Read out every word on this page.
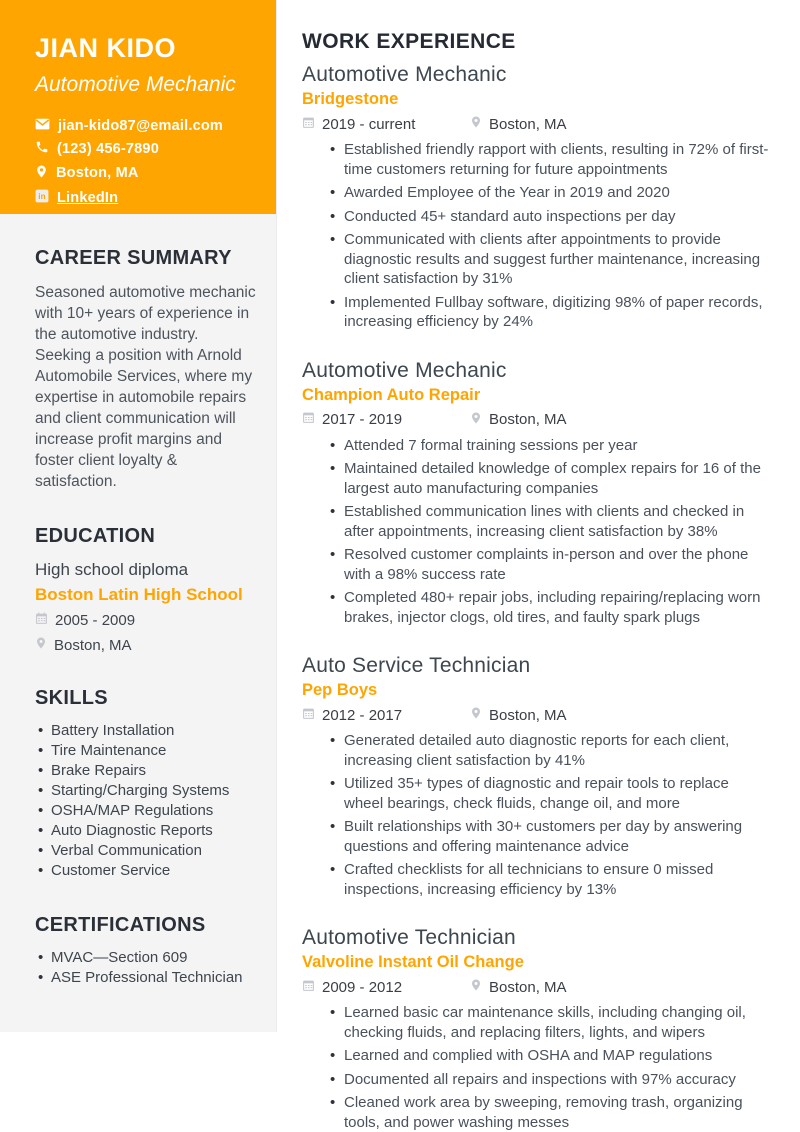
JIAN KIDO
Automotive Mechanic
jian-kido87@email.com
(123) 456-7890
Boston, MA
in LinkedIn
CAREER SUMMARY

Seasoned automotive mechanic with 10+ years of experience in the automotive industry. Seeking a position with Arnold Automobile Services, where my expertise in automobile repairs and client communication will increase profit margins and foster client loyalty & satisfaction.

EDUCATION
High school diploma
Boston Latin High School
2005 - 2009
Boston, MA
SKILLS
• Battery Installation
• Tire Maintenance
• Brake Repairs
• Starting/Charging Systems
• OSHA/MAP Regulations
• Auto Diagnostic Reports
• Verbal Communication
• Customer Service
CERTIFICATIONS
• MVAC—Section 609
• ASE Professional Technician
WORK EXPERIENCE
Automotive Mechanic
Bridgestone
2019 - current	Boston, MA
• Established friendly rapport with clients, resulting in 72% of first-time customers returning for future appointments
• Awarded Employee of the Year in 2019 and 2020
• Conducted 45+ standard auto inspections per day
• Communicated with clients after appointments to provide diagnostic results and suggest further maintenance, increasing client satisfaction by 31%
• Implemented Fullbay software, digitizing 98% of paper records, increasing efficiency by 24%
Automotive Mechanic
Champion Auto Repair
2017 - 2019	Boston, MA
• Attended 7 formal training sessions per year
• Maintained detailed knowledge of complex repairs for 16 of the largest auto manufacturing companies
• Established communication lines with clients and checked in after appointments, increasing client satisfaction by 38%
• Resolved customer complaints in-person and over the phone with a 98% success rate
• Completed 480+ repair jobs, including repairing/replacing worn brakes, injector clogs, old tires, and faulty spark plugs
Auto Service Technician
Pep Boys
2012 - 2017	Boston, MA
• Generated detailed auto diagnostic reports for each client, increasing client satisfaction by 41%
• Utilized 35+ types of diagnostic and repair tools to replace wheel bearings, check fluids, change oil, and more
• Built relationships with 30+ customers per day by answering questions and offering maintenance advice
• Crafted checklists for all technicians to ensure 0 missed inspections, increasing efficiency by 13%
Automotive Technician
Valvoline Instant Oil Change
2009 - 2012	Boston, MA
• Learned basic car maintenance skills, including changing oil, checking fluids, and replacing filters, lights, and wipers
• Learned and complied with OSHA and MAP regulations
• Documented all repairs and inspections with 97% accuracy
• Cleaned work area by sweeping, removing trash, organizing tools, and power washing messes
